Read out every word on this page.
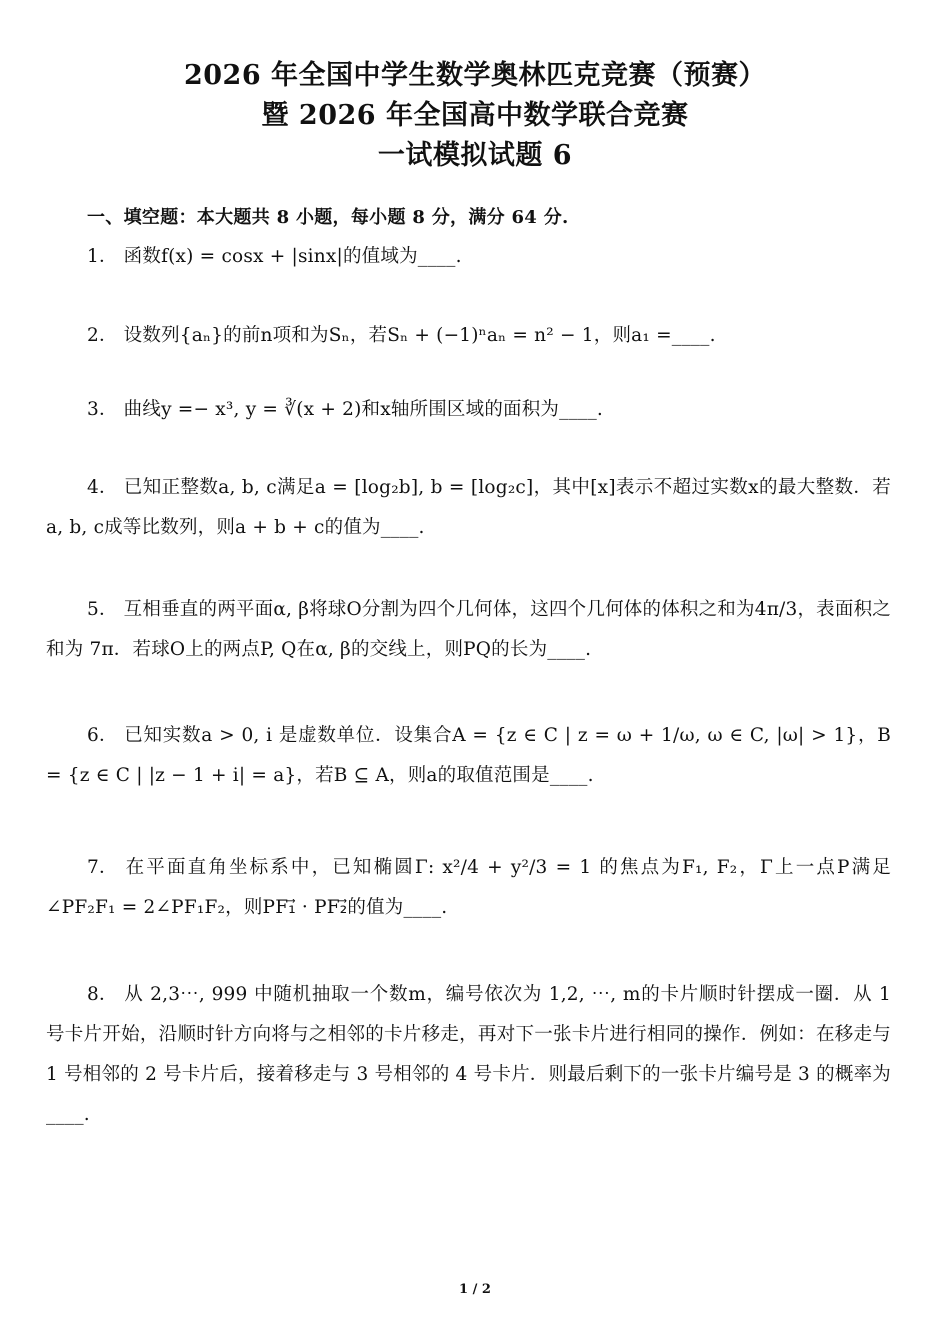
2026 年全国中学生数学奥林匹克竞赛（预赛）
暨 2026 年全国高中数学联合竞赛
一试模拟试题 6
一、填空题：本大题共 8 小题，每小题 8 分，满分 64 分.
1． 函数f(x) = cosx + |sinx|的值域为____.
2． 设数列{aₙ}的前n项和为Sₙ，若Sₙ + (−1)ⁿaₙ = n² − 1，则a₁ =____.
3． 曲线y =− x³, y = ∛(x + 2)和x轴所围区域的面积为____.
4． 已知正整数a, b, c满足a = [log₂b], b = [log₂c]，其中[x]表示不超过实数x的最大整数．若a, b, c成等比数列，则a + b + c的值为____.
5． 互相垂直的两平面α, β将球O分割为四个几何体，这四个几何体的体积之和为4π/3，表面积之和为 7π．若球O上的两点P, Q在α, β的交线上，则PQ的长为____.
6． 已知实数a > 0, i 是虚数单位．设集合A = {z ∈ C | z = ω + 1/ω, ω ∈ C, |ω| > 1}，B = {z ∈ C | |z − 1 + i| = a}，若B ⊆ A，则a的取值范围是____.
7． 在平面直角坐标系中，已知椭圆Γ: x²/4 + y²/3 = 1 的焦点为F₁, F₂，Γ上一点P满足∠PF₂F₁ = 2∠PF₁F₂，则PF₁⃗ · PF₂⃗的值为____.
8． 从 2,3⋯, 999 中随机抽取一个数m，编号依次为 1,2, ⋯, m的卡片顺时针摆成一圈．从 1 号卡片开始，沿顺时针方向将与之相邻的卡片移走，再对下一张卡片进行相同的操作．例如：在移走与 1 号相邻的 2 号卡片后，接着移走与 3 号相邻的 4 号卡片．则最后剩下的一张卡片编号是 3 的概率为____.
1 / 2
